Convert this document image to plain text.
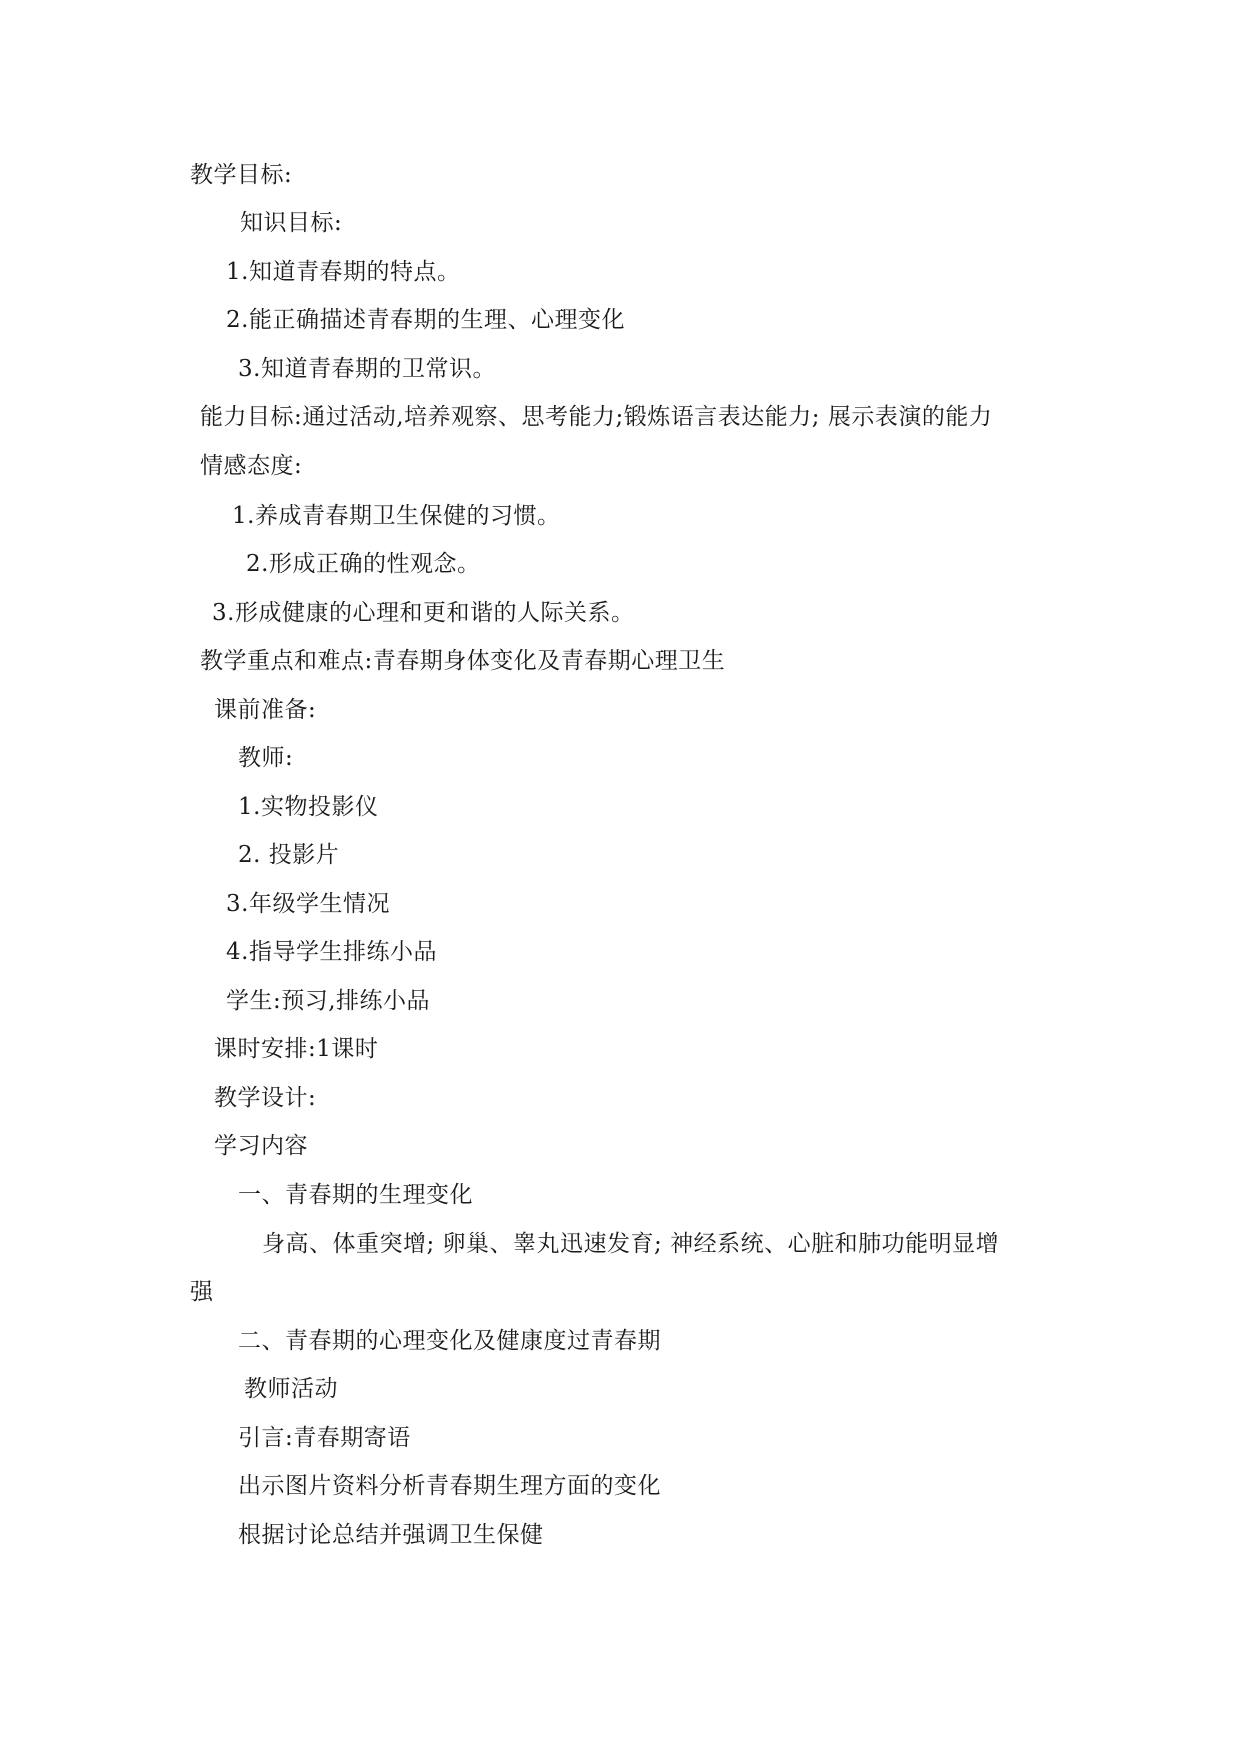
教学目标:
知识目标:
1.知道青春期的特点。
2.能正确描述青春期的生理、心理变化
3.知道青春期的卫常识。
能力目标:通过活动,培养观察、思考能力;锻炼语言表达能力; 展示表演的能力
情感态度:
1.养成青春期卫生保健的习惯。
2.形成正确的性观念。
3.形成健康的心理和更和谐的人际关系。
教学重点和难点:青春期身体变化及青春期心理卫生
课前准备:
教师:
1.实物投影仪
2. 投影片
3.年级学生情况
4.指导学生排练小品
学生:预习,排练小品
课时安排:1课时
教学设计:
学习内容
一、青春期的生理变化
身高、体重突增; 卵巢、睾丸迅速发育; 神经系统、心脏和肺功能明显增
强
二、青春期的心理变化及健康度过青春期
教师活动
引言:青春期寄语
出示图片资料分析青春期生理方面的变化
根据讨论总结并强调卫生保健
